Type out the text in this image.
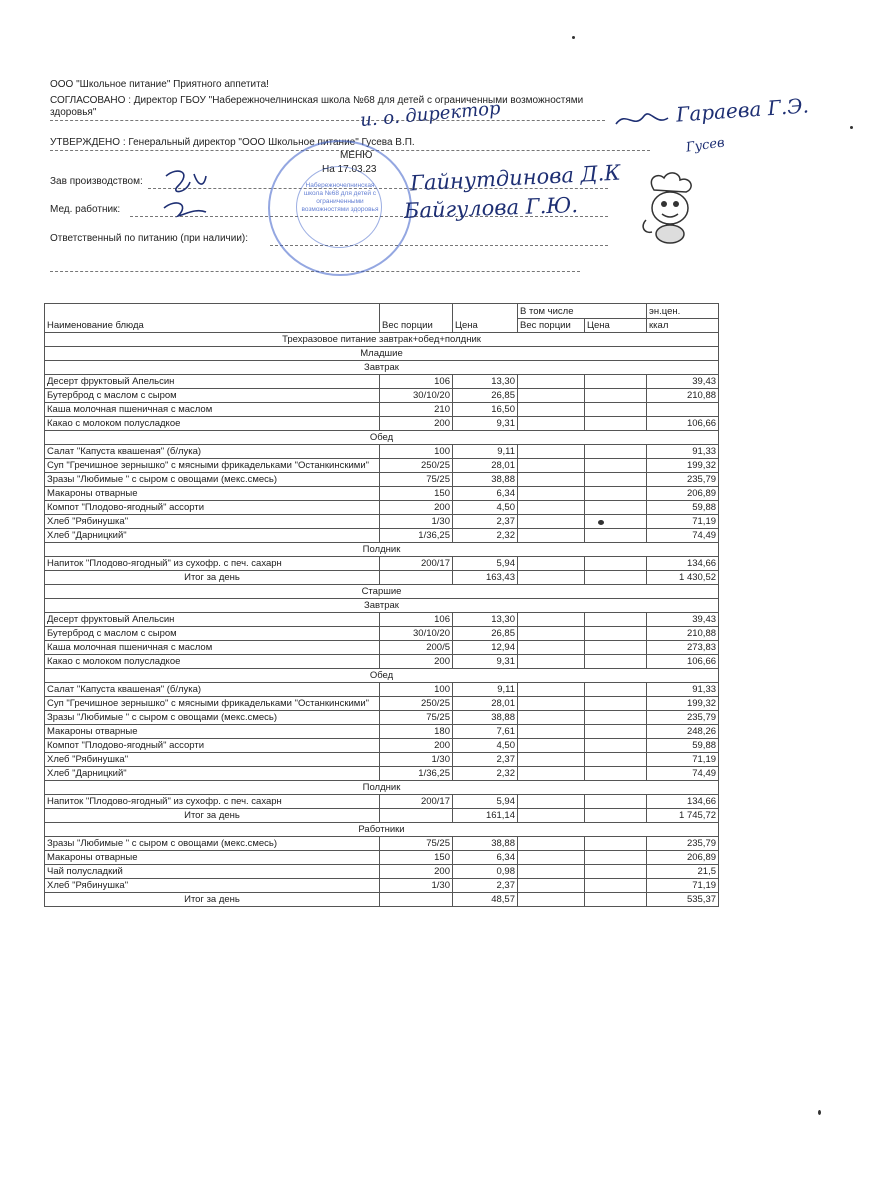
ООО "Школьное питание" Приятного аппетита!
СОГЛАСОВАНО : Директор ГБОУ "Набережночелнинская школа №68 для детей с ограниченными возможностями
здоровья"
УТВЕРЖДЕНО : Генеральный директор "ООО Школьное питание" Гусева В.П.
МЕНЮ
На 17.03.23
Зав производством:
Мед. работник:
Ответственный по питанию (при наличии):
Набережночелнинская школа №68 для детей с ограниченными возможностями здоровья
и. о. директор	Гараева Г.Э.
Гусев
Гайнутдинова Д.К
Байгулова Г.Ю.
Наименование блюда	Вес порции	Цена	В том числе		эн.цен.
			Вес порции	Цена	ккал
Трехразовое питание завтрак+обед+полдник					
Младшие					
Завтрак					
Десерт фруктовый Апельсин	106	13,30			39,43
Бутерброд с маслом с сыром	30/10/20	26,85			210,88
Каша молочная пшеничная с маслом	210	16,50			
Какао с молоком полусладкое	200	9,31			106,66
Обед					
Салат "Капуста квашеная" (б/лука)	100	9,11			91,33
Суп "Гречишное зернышко" с мясными фрикадельками "Останкинскими"	250/25	28,01			199,32
Зразы "Любимые " с сыром с овощами (мекс.смесь)	75/25	38,88			235,79
Макароны отварные	150	6,34			206,89
Компот "Плодово-ягодный" ассорти	200	4,50			59,88
Хлеб "Рябинушка"	1/30	2,37			71,19
Хлеб "Дарницкий"	1/36,25	2,32			74,49
Полдник					
Напиток "Плодово-ягодный" из сухофр. с печ. сахарн	200/17	5,94			134,66
Итог за день		163,43			1 430,52
Старшие					
Завтрак					
Десерт фруктовый Апельсин	106	13,30			39,43
Бутерброд с маслом с сыром	30/10/20	26,85			210,88
Каша молочная пшеничная с маслом	200/5	12,94			273,83
Какао с молоком полусладкое	200	9,31			106,66
Обед					
Салат "Капуста квашеная" (б/лука)	100	9,11			91,33
Суп "Гречишное зернышко" с мясными фрикадельками "Останкинскими"	250/25	28,01			199,32
Зразы "Любимые " с сыром с овощами (мекс.смесь)	75/25	38,88			235,79
Макароны отварные	180	7,61			248,26
Компот "Плодово-ягодный" ассорти	200	4,50			59,88
Хлеб "Рябинушка"	1/30	2,37			71,19
Хлеб "Дарницкий"	1/36,25	2,32			74,49
Полдник					
Напиток "Плодово-ягодный" из сухофр. с печ. сахарн	200/17	5,94			134,66
Итог за день		161,14			1 745,72
Работники					
Зразы "Любимые " с сыром с овощами (мекс.смесь)	75/25	38,88			235,79
Макароны отварные	150	6,34			206,89
Чай полусладкий	200	0,98			21,5
Хлеб "Рябинушка"	1/30	2,37			71,19
Итог за день		48,57			535,37
